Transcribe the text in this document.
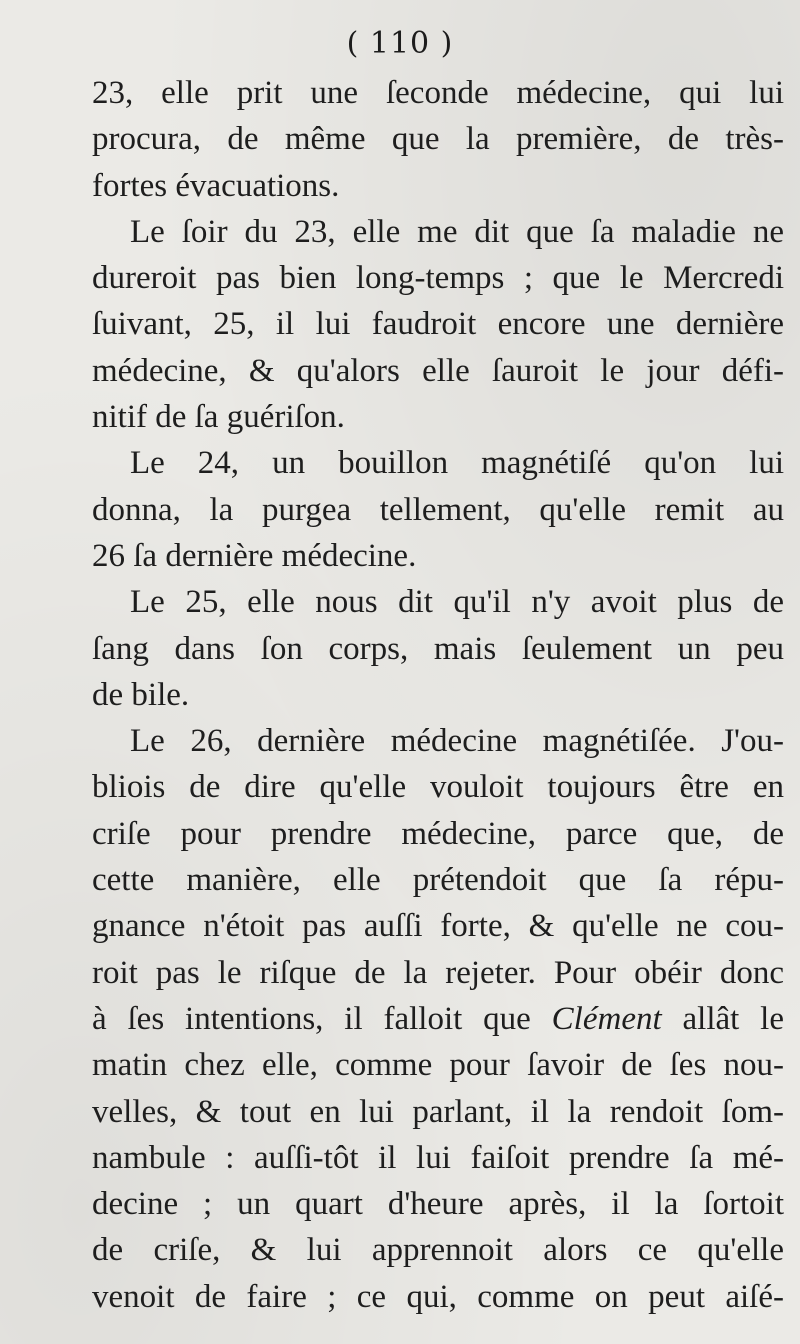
( 110 )
23, elle prit une ſeconde médecine, qui lui
procura, de même que la première, de très-
fortes évacuations.
Le ſoir du 23, elle me dit que ſa maladie ne
dureroit pas bien long-temps ; que le Mercredi
ſuivant, 25, il lui faudroit encore une dernière
médecine, & qu'alors elle ſauroit le jour défi-
nitif de ſa guériſon.
Le 24, un bouillon magnétiſé qu'on lui
donna, la purgea tellement, qu'elle remit au
26 ſa dernière médecine.
Le 25, elle nous dit qu'il n'y avoit plus de
ſang dans ſon corps, mais ſeulement un peu
de bile.
Le 26, dernière médecine magnétiſée. J'ou-
bliois de dire qu'elle vouloit toujours être en
criſe pour prendre médecine, parce que, de
cette manière, elle prétendoit que ſa répu-
gnance n'étoit pas auſſi forte, & qu'elle ne cou-
roit pas le riſque de la rejeter. Pour obéir donc
à ſes intentions, il falloit que Clément allât le
matin chez elle, comme pour ſavoir de ſes nou-
velles, & tout en lui parlant, il la rendoit ſom-
nambule : auſſi-tôt il lui faiſoit prendre ſa mé-
decine ; un quart d'heure après, il la ſortoit
de criſe, & lui apprennoit alors ce qu'elle
venoit de faire ; ce qui, comme on peut aiſé-
